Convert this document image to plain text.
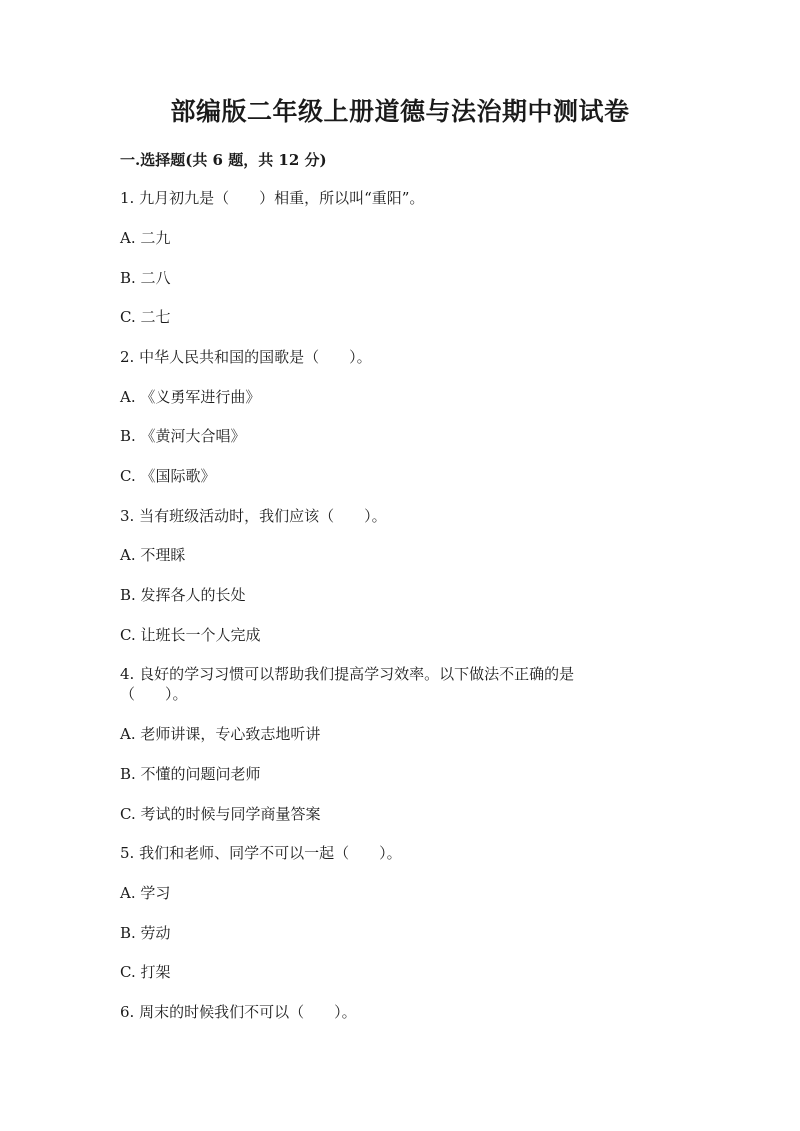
部编版二年级上册道德与法治期中测试卷
一.选择题(共 6 题，共 12 分)
1. 九月初九是（　　）相重，所以叫“重阳”。
A. 二九
B. 二八
C. 二七
2. 中华人民共和国的国歌是（　　）。
A. 《义勇军进行曲》
B. 《黄河大合唱》
C. 《国际歌》
3. 当有班级活动时，我们应该（　　）。
A. 不理睬
B. 发挥各人的长处
C. 让班长一个人完成
4. 良好的学习习惯可以帮助我们提高学习效率。以下做法不正确的是
（　　）。
A. 老师讲课，专心致志地听讲
B. 不懂的问题问老师
C. 考试的时候与同学商量答案
5. 我们和老师、同学不可以一起（　　）。
A. 学习
B. 劳动
C. 打架
6. 周末的时候我们不可以（　　）。
